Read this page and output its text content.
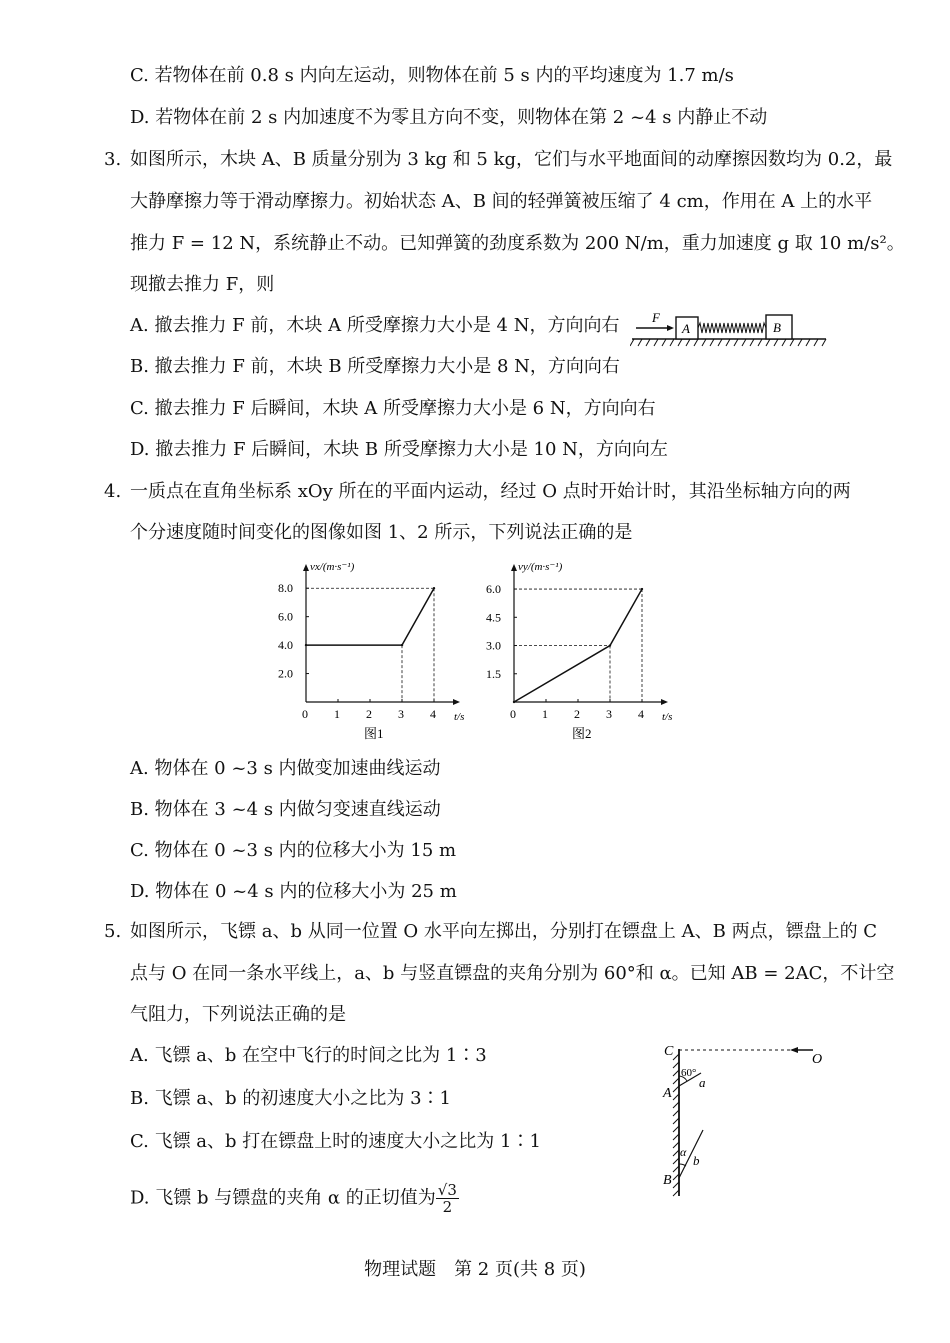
C. 若物体在前 0.8 s 内向左运动，则物体在前 5 s 内的平均速度为 1.7 m/s
D. 若物体在前 2 s 内加速度不为零且方向不变，则物体在第 2 ~4 s 内静止不动
3. 如图所示，木块 A、B 质量分别为 3 kg 和 5 kg，它们与水平地面间的动摩擦因数均为 0.2，最
大静摩擦力等于滑动摩擦力。初始状态 A、B 间的轻弹簧被压缩了 4 cm，作用在 A 上的水平
推力 F = 12 N，系统静止不动。已知弹簧的劲度系数为 200 N/m，重力加速度 g 取 10 m/s²。
现撤去推力 F，则
A. 撤去推力 F 前，木块 A 所受摩擦力大小是 4 N，方向向右
B. 撤去推力 F 前，木块 B 所受摩擦力大小是 8 N，方向向右
C. 撤去推力 F 后瞬间，木块 A 所受摩擦力大小是 6 N，方向向右
D. 撤去推力 F 后瞬间，木块 B 所受摩擦力大小是 10 N，方向向左
F
A	B
4. 一质点在直角坐标系 xOy 所在的平面内运动，经过 O 点时开始计时，其沿坐标轴方向的两
个分速度随时间变化的图像如图 1、2 所示，下列说法正确的是
0 1 2 3 4
2.0
4.0
6.0
8.0
t/s
vx/(m·s⁻¹)
图1
0 1 2 3 4
1.5
3.0
4.5
6.0
t/s
vy/(m·s⁻¹)
图2
A. 物体在 0 ~3 s 内做变加速曲线运动
B. 物体在 3 ~4 s 内做匀变速直线运动
C. 物体在 0 ~3 s 内的位移大小为 15 m
D. 物体在 0 ~4 s 内的位移大小为 25 m
5. 如图所示，飞镖 a、b 从同一位置 O 水平向左掷出，分别打在镖盘上 A、B 两点，镖盘上的 C
点与 O 在同一条水平线上，a、b 与竖直镖盘的夹角分别为 60°和 α。已知 AB = 2AC，不计空
气阻力，下列说法正确的是
A. 飞镖 a、b 在空中飞行的时间之比为 1∶3
B. 飞镖 a、b 的初速度大小之比为 3∶1
C. 飞镖 a、b 打在镖盘上时的速度大小之比为 1∶1
D. 飞镖 b 与镖盘的夹角 α 的正切值为 $\frac{√3}{2}$
C
O
60°
a
A
α
b
B
物理试题　第 2 页(共 8 页)
